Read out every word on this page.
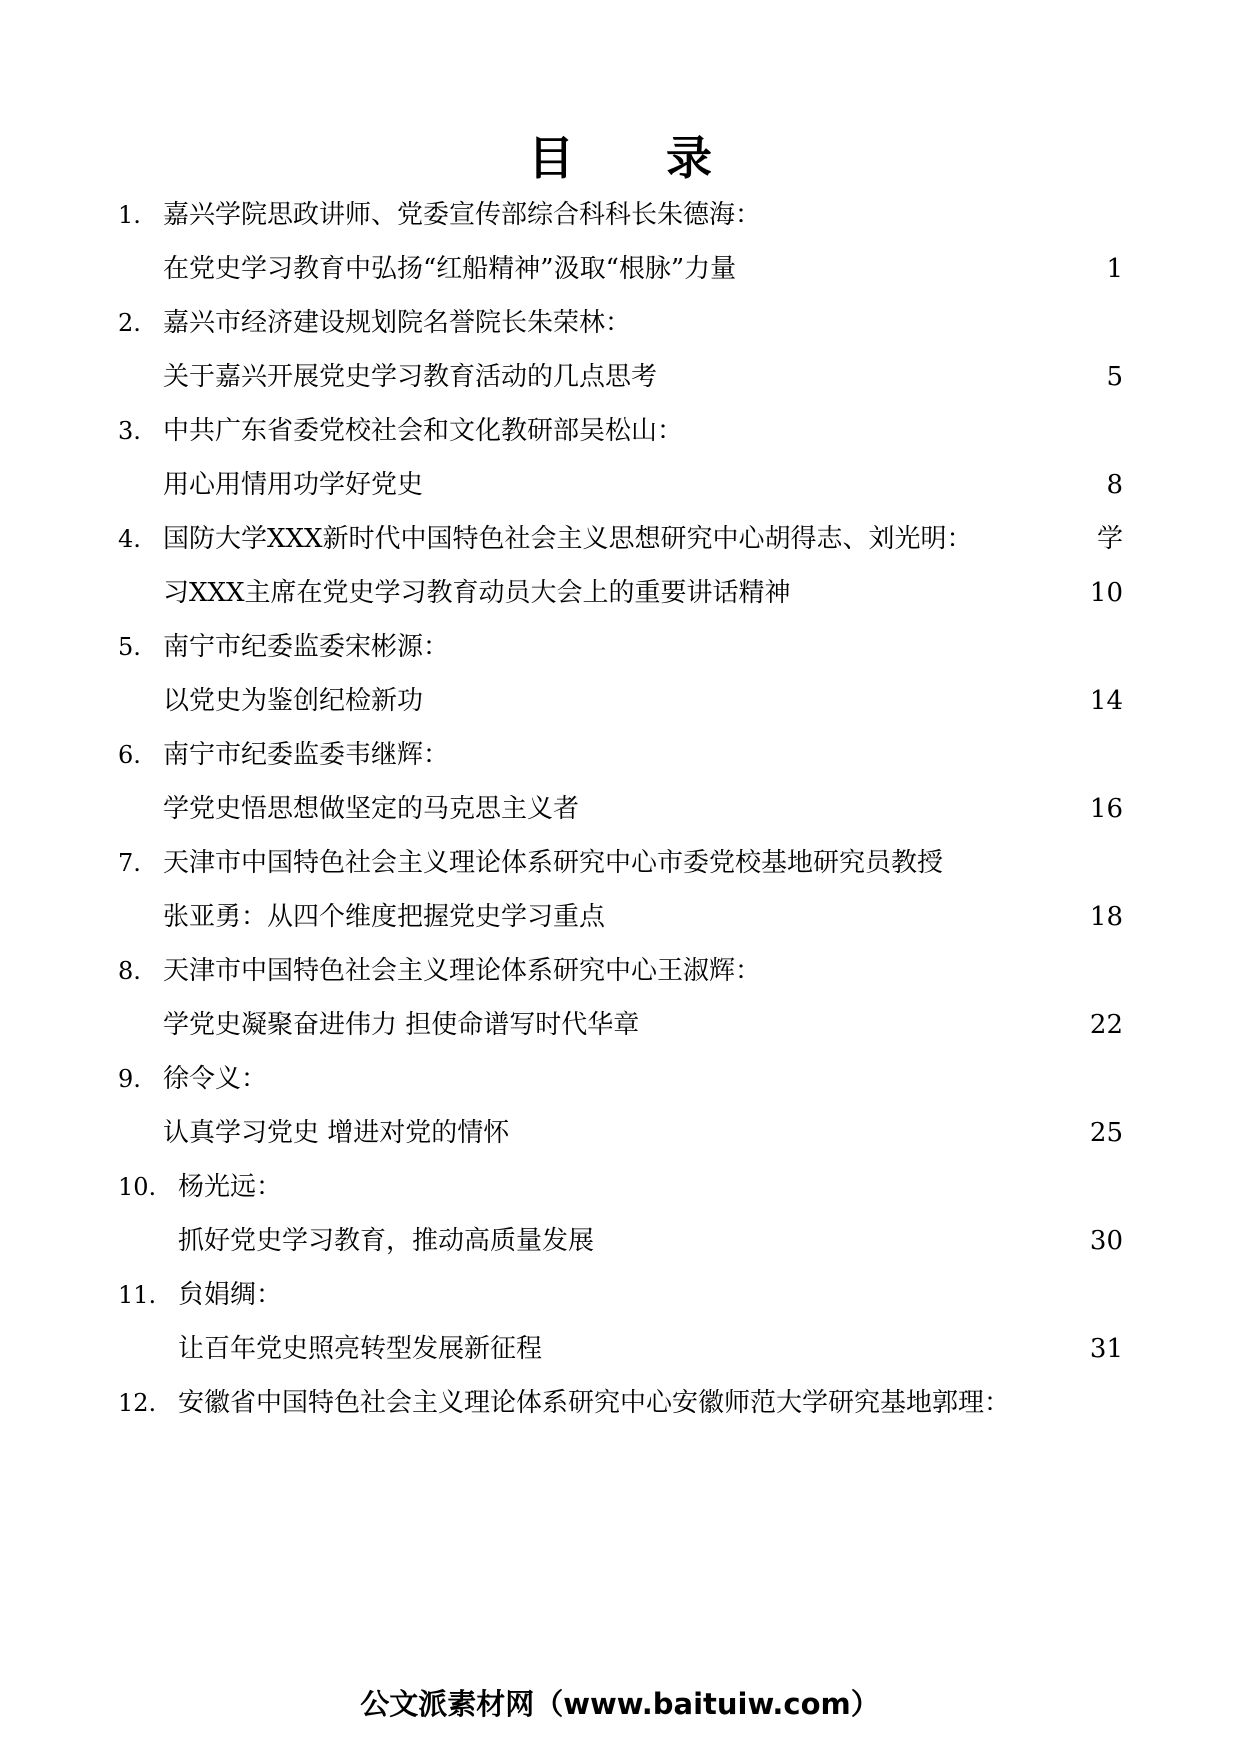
目 录
1. 嘉兴学院思政讲师、党委宣传部综合科科长朱德海：
在党史学习教育中弘扬“红船精神”汲取“根脉”力量	1
2. 嘉兴市经济建设规划院名誉院长朱荣林：
关于嘉兴开展党史学习教育活动的几点思考	5
3. 中共广东省委党校社会和文化教研部吴松山：
用心用情用功学好党史	8
4. 国防大学XXX新时代中国特色社会主义思想研究中心胡得志、刘光明：	学
习XXX主席在党史学习教育动员大会上的重要讲话精神	10
5. 南宁市纪委监委宋彬源：
以党史为鉴创纪检新功	14
6. 南宁市纪委监委韦继辉：
学党史悟思想做坚定的马克思主义者	16
7. 天津市中国特色社会主义理论体系研究中心市委党校基地研究员教授
张亚勇：从四个维度把握党史学习重点	18
8. 天津市中国特色社会主义理论体系研究中心王淑辉：
学党史凝聚奋进伟力 担使命谱写时代华章	22
9. 徐令义：
认真学习党史 增进对党的情怀	25
10. 杨光远：
抓好党史学习教育，推动高质量发展	30
11. 贠娟绸：
让百年党史照亮转型发展新征程	31
12. 安徽省中国特色社会主义理论体系研究中心安徽师范大学研究基地郭理：
公文派素材网（www.baituiw.com）
